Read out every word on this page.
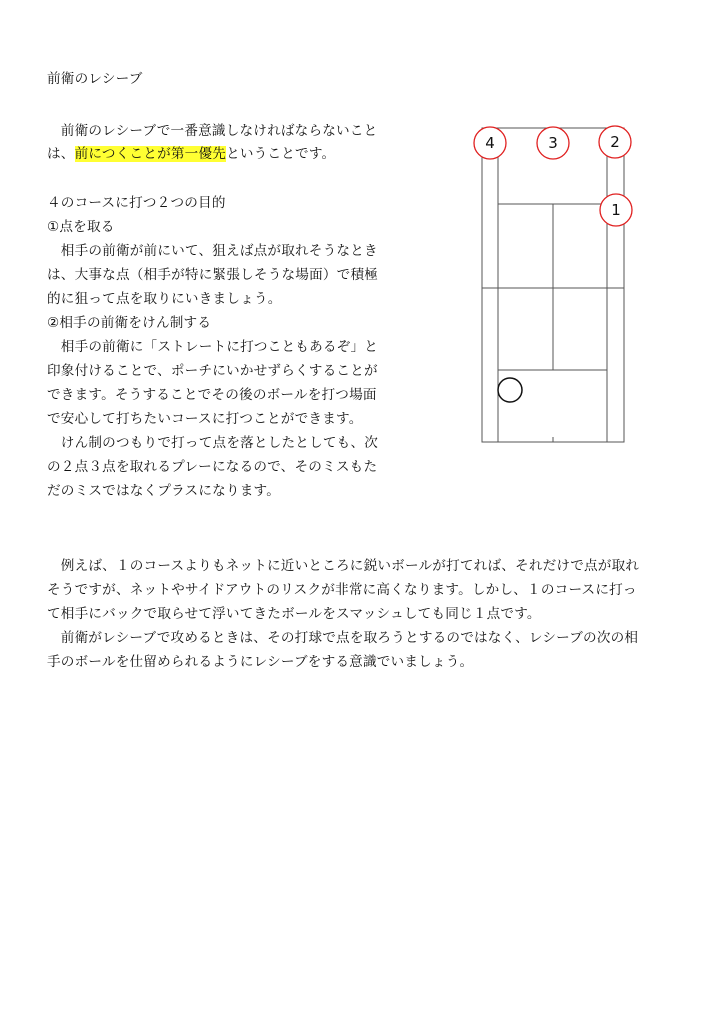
前衛のレシーブ
　前衛のレシーブで一番意識しなければならないこと
は、前につくことが第一優先ということです。
４のコースに打つ２つの目的
①点を取る
　相手の前衛が前にいて、狙えば点が取れそうなとき
は、大事な点（相手が特に緊張しそうな場面）で積極
的に狙って点を取りにいきましょう。
②相手の前衛をけん制する
　相手の前衛に「ストレートに打つこともあるぞ」と
印象付けることで、ポーチにいかせずらくすることが
できます。そうすることでその後のボールを打つ場面
で安心して打ちたいコースに打つことができます。
　けん制のつもりで打って点を落としたとしても、次
の２点３点を取れるプレーになるので、そのミスもた
だのミスではなくプラスになります。
　例えば、１のコースよりもネットに近いところに鋭いボールが打てれば、それだけで点が取れ
そうですが、ネットやサイドアウトのリスクが非常に高くなります。しかし、１のコースに打っ
て相手にバックで取らせて浮いてきたボールをスマッシュしても同じ１点です。
　前衛がレシーブで攻めるときは、その打球で点を取ろうとするのではなく、レシーブの次の相
手のボールを仕留められるようにレシーブをする意識でいましょう。
4	3	2
1
